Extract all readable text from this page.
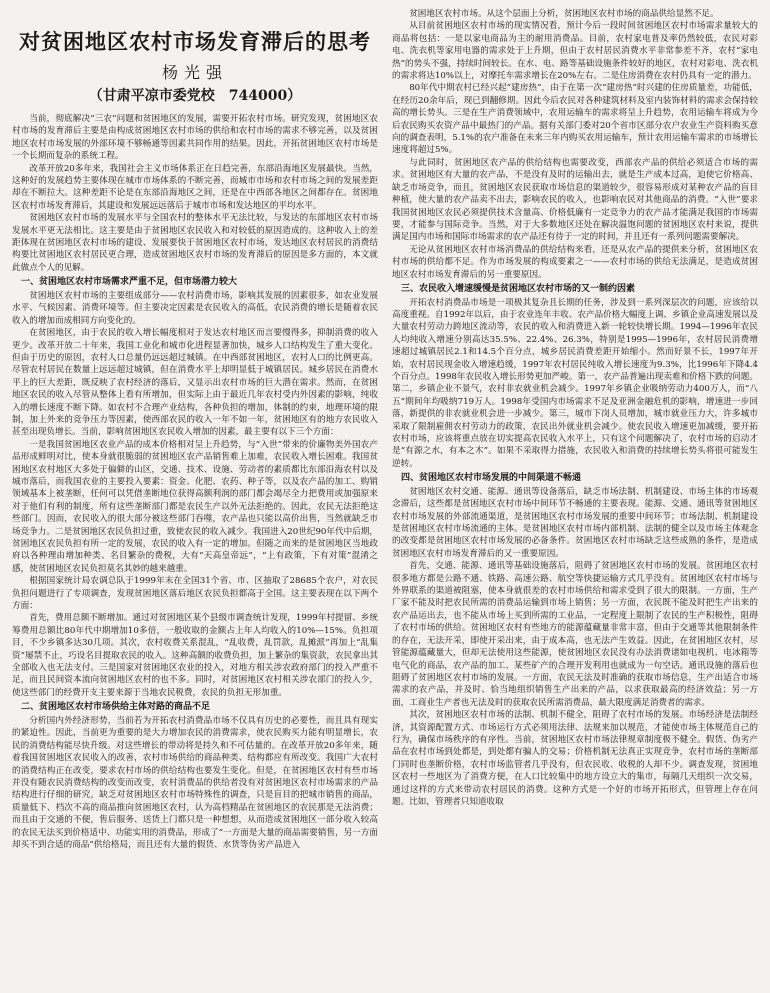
对贫困地区农村市场发育滞后的思考
杨光强
（甘肃平凉市委党校　744000）

当前，彻底解决“三农”问题和贫困地区的发展，需要开拓农村市场。研究发现，贫困地区农村市场的发育滞后主要是由构成贫困地区农村市场的供给和农村市场的需求不够完善，以及贫困地区农村市场发展的外部环境不够畅通等因素共同作用的结果。因此，开拓贫困地区农村市场是一个长期而复杂的系统工程。

改革开放20多年来，我国社会主义市场体系正在日趋完善，东部沿海地区发展最快。当然，这种好的发展趋势主要体现在城市市场体系的不断完善，而城市市场和农村市场之间的发展差距却在不断拉大。这种差距不论是在东部沿海地区之间，还是在中西部各地区之间都存在。贫困地区农村市场发育滞后，其建设和发展远远落后于城市市场和发达地区的平均水平。

贫困地区农村市场的发展水平与全国农村的整体水平无法比较，与发达的东部地区农村市场发展水平更无法相比。这主要是由于贫困地区农民收入和对较低的原因造成的。这种收入上的差距体现在贫困地区农村市场的建设、发展要快于贫困地区农村市场，发达地区农村居民的消费结构要比贫困地区农村居民更合理，造成贫困地区农村市场的发育滞后的原因是多方面的，本文就此做点个人的见解。

一、贫困地区农村市场需求严重不足，但市场潜力较大

贫困地区农村市场的主要组成部分——农村消费市场，影响其发展的因素很多，如农业发展水平、气候因素、消费环境等。但主要决定因素是农民收入的高低，农民消费的增长是随着农民收入的增加而成相同方向变化的。

在贫困地区，由于农民的收入增长幅度相对于发达农村地区而言要慢得多，抑制消费的收入更少。改革开放二十年来，我国工业化和城市化进程显著加快，城乡人口结构发生了重大变化。但由于历史的原因，农村人口总量仍远远超过城镇。在中西部贫困地区，农村人口的比例更高。尽管农村居民在数量上远远超过城镇，但在消费水平上却明显低于城镇居民。城乡居民在消费水平上的巨大差距，既反映了农村经济的落后，又显示出农村市场的巨大潜在需求。然而，在贫困地区农民的收入尽管从整体上看有所增加，但实际上由于最近几年农村受内外因素的影响，纯收入的增长速度不断下降。如农村不合理产业结构，各种负担的增加，体制的约束，地理环境的限制，加上外来的竞争压力等因素，使西部农民的收入一年不如一年，贫困地区有的地方农民收入甚至出现负增长。当前，影响贫困地区农民收入增加的因素，最主要有以下三个方面：

一是我国贫困地区农业产品的成本价格相对呈上升趋势，与“入世”带来的价廉物美外国农产品形成鲜明对比，使本身就很脆弱的贫困地区农产品销售难上加难，农民收入增长困难。我国贫困地区农村地区大多处于偏僻的山区，交通、技术、设施、劳动者的素质都比东部沿海农村以及城市落后，而我国农业的主要投入要素：资金、化肥、农药、种子等，以及农产品的加工、购销领域基本上被垄断，任何可以凭借垄断地位获得高额利润的部门都会竭尽全力把费用或加强原来对于他们有利的制度，所有这些垄断部门都是农民生产以外无法拒绝的。因此，农民无法拒绝这些部门。因而，农民收入的很大部分被这些部门吞噬，农产品也只能以高价出售，当然就缺乏市场竞争力。二是贫困地区农民负担过重，致使农民的收入减少。我国进入20世纪90年代中后期，贫困地区农民负担有所一定的发展，农民的收入有一定的增加。但随之而来的是贫困地区当地政府以各种理由增加种类、名目繁杂的费税，大有“天高皇帝远”，“上有政策，下有对策”混淆之感，使贫困地区农民负担莫名其妙的越来越重。

根据国家统计局农调总队于1999年末在全国31个省、市、区抽取了28685个农户，对农民负担问题进行了专项调查，发现贫困地区落后地区农民负担都高于全国。这主要表现在以下两个方面：

首先，费用总额不断增加。通过对贫困地区某个县级市调查统计发现，1999年村提留、乡统筹费用总额比80年代中期增加10多倍，一般收取的金额占上年人均收入的10%—15%。负担项目，不少乡镇多达30几项。其次，农村收费关系混乱，“乱收费，乱罚款，乱摊派”再加上“乱集资”屡禁不止，巧设名目提取农民的收入。这种高额的收费负担，加上繁杂的集资款，农民拿出其全部收入也无法支付。三是国家对贫困地区农业的投入，对地方相关涉农政府部门的投入严重不足，而且民间资本流向贫困地区农村的也不多。同时，对贫困地区农村相关涉农部门的投入少，使这些部门的经费开支主要来源于当地农民税费，农民的负担无形加重。

二、贫困地区农村市场供给主体对路的商品不足

分析国内外经济形势，当前若为开拓农村消费品市场不仅具有历史的必要性，而且具有现实的紧迫性。因此，当前更为重要的是大力增加农民的消费需求，使农民购买力能有明显增长，农民的消费结构能尽快升级。对这些增长的带动将是持久和不可估量的。在改革开放20多年来，随着我国贫困地区农民收入的改善，农村市场供给的商品种类、结构都应有所改变。我国广大农村的消费结构正在改变，要求农村市场的供给结构也要发生变化。但是，在贫困地区农村有些市场并没有随农民消费结构的改变而改变，农村消费品的供给者没有对贫困地区农村市场需求的产品结构进行仔细的研究，缺乏对贫困地区农村市场特殊性的调查，只是盲目的把城市销售的商品，质量低下、档次不高的商品推向贫困地区农村，认为高档精品在贫困地区的农民那是无法消费；而且由于交通的不便，售后服务、送货上门都只是一种想想，从而造成贫困地区一部分收入较高的农民无法买到价格适中、功能实用的消费品，形成了“一方面是大量的商品需要销售，另一方面却买不到合适的商品”供给格局，而且还有大量的假货、水货等伪劣产品进入

贫困地区农村市场。从这个层面上分析，贫困地区农村市场的商品供给显然不足。

从目前贫困地区农村市场的现实情况看，预计今后一段时间贫困地区农村市场需求量较大的商品将包括：一是以家电商品为主的耐用消费品。目前，农村家电普及率仍然较低，农民对彩电、洗衣机等家用电器的需求处于上升期，但由于农村居民消费水平非常参差不齐，农村“家电热”的势头不强，持续时间较长。在水、电、路等基础设施条件较好的地区，农村对彩电、洗衣机的需求将达10%以上，对摩托车需求增长在20%左右。二是住房消费在农村仍具有一定的潜力。

80年代中期农村已经兴起“建房热”，由于在第一次“建房热”时兴建的住房质量差，功能低，在经历20余年后，现已到翻修期。因此今后农民对各种建筑材料及室内装饰材料的需求会保持较高的增长势头。三是在生产消费领域中，农用运输车的需求将呈上升趋势，农用运输车将成为今后农民购买农资产品中最热门的产品。据有关部门委对20个省市区部分农户农业生产资料购买意向的调查表明，5.1%的农户准备在未来三年内购买农用运输车，预计农用运输车需求的市场增长速度将超过5%。

与此同时，贫困地区农产品的供给结构也需要改变，西部农产品的供给必须适合市场的需求。贫困地区有大量的农产品，不是没有及时的运输出去，就是生产成本过高，迫使它价格高、缺乏市场竞争，而且，贫困地区农民获取市场信息的渠道较少，很容易形成对某种农产品的盲目种植，使大量的农产品卖不出去，影响农民的收入，也影响农民对其他商品的消费。“入世”要求我国贫困地区农民必须提供技术含量高、价格低廉有一定竞争力的农产品才能满足我国的市场需要，才能参与国际竞争。当然，对于大多数地区还处在解决温饱问题的贫困地区农村来说，提供满足国内市场和国际市场需求的农产品还有待于一定的时间，并且还有一系列问题需要解决。

无论从贫困地区农村市场消费品的供给结构来看，还是从农产品的提供来分析，贫困地区农村市场的供给都不足。作为市场发展的构成要素之一——农村市场的供给无法满足，是造成贫困地区农村市场发育滞后的另一重要原因。

三、农民收入增速缓慢是贫困地区农村市场的又一制约因素

开拓农村消费品市场是一项极其复杂且长期的任务，涉及到一系列深层次的问题，应该给以高度重视。自1992年以后，由于农业连年丰收、农产品价格大幅度上调、乡镇企业高速发展以及大量农村劳动力跨地区流动等，农民的收入和消费进入新一轮较快增长期。1994—1996年农民人均纯收入增速分别高达35.5%、22.4%、26.3%，特别是1995—1996年，农村居民消费增速超过城镇居民2.1和14.5个百分点，城乡居民消费差距开始缩小。然而好景不长，1997年开始，农村居民现金收入增速趋缓，1997年农村居民纯收入增长速度为9.3%，比1996年下降4.4个百分点。1998年农民收入增长形势更加严峻。第一，农产品普遍出现卖难和价格下跌的问题。第二，乡镇企业不景气，农村非农就业机会减少。1997年乡镇企业吸纳劳动力400万人，而“八五”期间年均吸纳719万人。1998年受国内市场需求不足及亚洲金融危机的影响，增速进一步回落，新提供的非农就业机会进一步减少。第三，城市下岗人员增加，城市就业压力大，许多城市采取了限制雇佣农村劳动力的政策，农民出外就业机会减少。使农民收入增速更加减缓，要开拓农村市场，应该将重点放在切实提高农民收入水平上，只有这个问题解决了，农村市场的启动才是“有源之水，有本之木”。如果不采取得力措施，农民收入和消费的持续增长势头将很可能发生逆转。

四、贫困地区农村市场发展的中间渠道不畅通

贫困地区农村交通、能源、通讯等设备落后，缺乏市场法制、机制建设、市场主体的市场观念滞后，这些都是贫困地区农村市场中间环节不畅通的主要表现。能源、交通、通讯等贫困地区农村市场发展的外部流通渠道，是贫困地区农村市场发展的重要中间环节；市场法制、机制建设是贫困地区农村市场流通的主体。是贫困地区农村市场内部机制、法制的健全以及市场主体观念的改变都是贫困地区农村市场发展的必备条件。贫困地区农村市场缺乏这些成熟的条件，是造成贫困地区农村市场发育滞后的又一重要原因。

首先，交通、能源、通讯等基础设施落后，阻碍了贫困地区农村市场的发展。贫困地区农村很多地方都是公路不通、铁路、高速公路、航空等快捷运输方式几乎没有。贫困地区农村市场与外界联系的渠道被阻塞，使本身就很差的农村市场供给和需求受到了很大的限制。一方面，生产厂家不能及时把农民所需的消费品运输到市场上销售；另一方面，农民既不能及时把生产出来的农产品运出去，也不能从市场上买到所需的工业品，一定程度上限制了农民的生产积极性，阻碍了农村市场的供给。贫困地区农村有些地方的能源蕴藏量非常丰富，但由于交通等其他限制条件的存在，无法开采，即使开采出来，由于成本高，也无法产生效益。因此，在贫困地区农村，尽管能源蕴藏量大，但却无法使用这些能源，使贫困地区农民没有办法消费诸如电视机、电冰箱等电气化的商品，农产品的加工、某些矿产的合理开发利用也就成为一句空话。通讯设施的落后也阻碍了贫困地区农村市场的发展。一方面，农民无法及时准确的获取市场信息，生产出适合市场需求的农产品，并及时、恰当地组织销售生产出来的产品，以求获取最高的经济效益；另一方面，工商业生产者也无法及时的获取农民所需消费品，最大限度满足消费者的需求。

其次，贫困地区农村市场的法制、机制不健全，阻碍了农村市场的发展。市场经济是法制经济，其资源配置方式、市场运行方式必须用法律、法规来加以规范，才能使市场主体规范自己的行为，确保市场秩序的有序性。当前，贫困地区农村市场法律规章制度极不健全。假货、伪劣产品在农村市场到处都是，到处都有骗人的交易；价格机制无法真正实现竞争，农村市场的垄断部门同时也垄断价格，农村市场监管者几乎没有，但农民收、收税的人却不少。调查发现，贫困地区农村一些地区为了消费方便，在人口比较集中的地方设立大的集市，每隔几天组织一次交易，通过这样的方式来带动农村居民的消费。这种方式是一个好的市场开拓形式，但管理上存在问题。比如，管理者只知道收取
